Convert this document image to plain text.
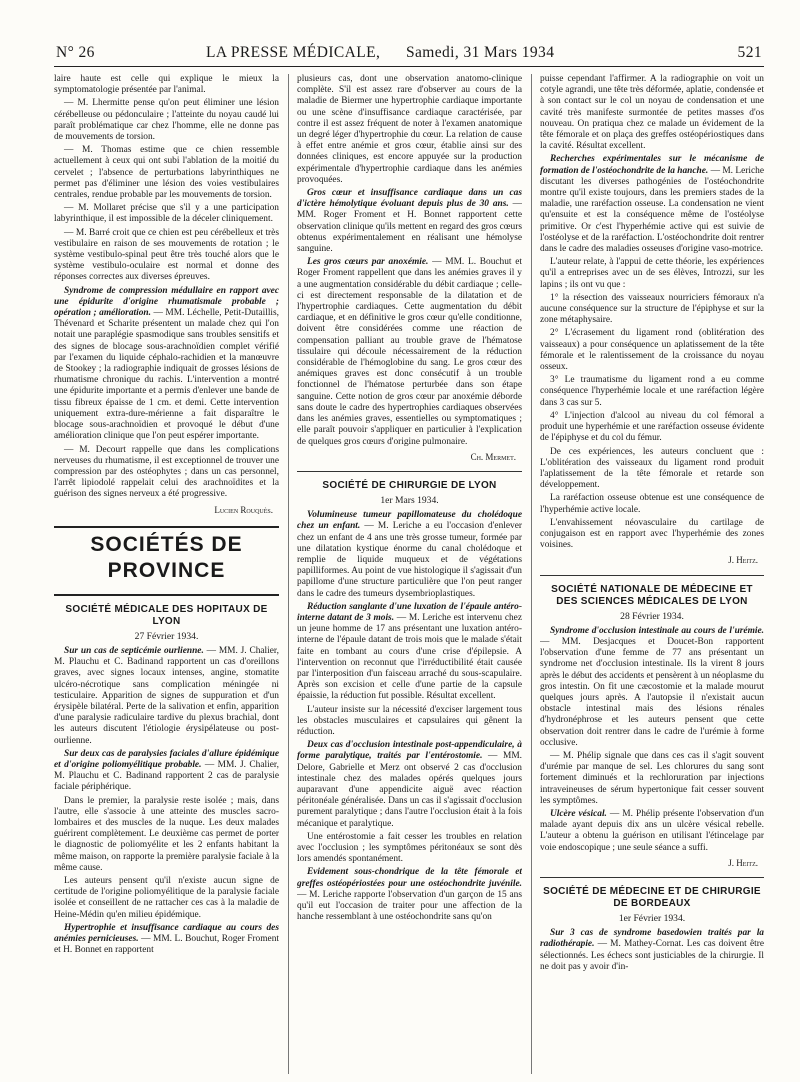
N° 26	LA PRESSE MÉDICALE, Samedi, 31 Mars 1934	521

laire haute est celle qui explique le mieux la symptomatologie présentée par l'animal.

— M. Lhermitte pense qu'on peut éliminer une lésion cérébelleuse ou pédonculaire ; l'atteinte du noyau caudé lui paraît problématique car chez l'homme, elle ne donne pas de mouvements de torsion.

— M. Thomas estime que ce chien ressemble actuellement à ceux qui ont subi l'ablation de la moitié du cervelet ; l'absence de perturbations labyrinthiques ne permet pas d'éliminer une lésion des voies vestibulaires centrales, rendue probable par les mouvements de torsion.

— M. Mollaret précise que s'il y a une participation labyrinthique, il est impossible de la déceler cliniquement.

— M. Barré croit que ce chien est peu cérébelleux et très vestibulaire en raison de ses mouvements de rotation ; le système vestibulo-spinal peut être très touché alors que le système vestibulo-oculaire est normal et donne des réponses correctes aux diverses épreuves.

Syndrome de compression médullaire en rapport avec une épidurite d'origine rhumatismale probable ; opération ; amélioration. — MM. Léchelle, Petit-Dutaillis, Thévenard et Scharite présentent un malade chez qui l'on notait une paraplégie spasmodique sans troubles sensitifs et des signes de blocage sous-arachnoïdien complet vérifié par l'examen du liquide céphalo-rachidien et la manœuvre de Stookey ; la radiographie indiquait de grosses lésions de rhumatisme chronique du rachis. L'intervention a montré une épidurite importante et a permis d'enlever une bande de tissu fibreux épaisse de 1 cm. et demi. Cette intervention uniquement extra-dure-mérienne a fait disparaître le blocage sous-arachnoïdien et provoqué le début d'une amélioration clinique que l'on peut espérer importante.

— M. Decourt rappelle que dans les complications nerveuses du rhumatisme, il est exceptionnel de trouver une compression par des ostéophytes ; dans un cas personnel, l'arrêt lipiodolé rappelait celui des arachnoïdites et la guérison des signes nerveux a été progressive.

Lucien Rouquès.
SOCIÉTÉS DE PROVINCE
SOCIÉTÉ MÉDICALE DES HOPITAUX DE LYON
27 Février 1934.

Sur un cas de septicémie ourlienne. — MM. J. Chalier, M. Plauchu et C. Badinand rapportent un cas d'oreillons graves, avec signes locaux intenses, angine, stomatite ulcéro-nécrotique sans complication méningée ni testiculaire. Apparition de signes de suppuration et d'un érysipèle bilatéral. Perte de la salivation et enfin, apparition d'une paralysie radiculaire tardive du plexus brachial, dont les auteurs discutent l'étiologie érysipélateuse ou post-ourlienne.

Sur deux cas de paralysies faciales d'allure épidémique et d'origine poliomyélitique probable. — MM. J. Chalier, M. Plauchu et C. Badinand rapportent 2 cas de paralysie faciale périphérique.

Dans le premier, la paralysie reste isolée ; mais, dans l'autre, elle s'associe à une atteinte des muscles sacro-lombaires et des muscles de la nuque. Les deux malades guérirent complètement. Le deuxième cas permet de porter le diagnostic de poliomyélite et les 2 enfants habitant la même maison, on rapporte la première paralysie faciale à la même cause.

Les auteurs pensent qu'il n'existe aucun signe de certitude de l'origine poliomyélitique de la paralysie faciale isolée et conseillent de ne rattacher ces cas à la maladie de Heine-Médin qu'en milieu épidémique.

Hypertrophie et insuffisance cardiaque au cours des anémies pernicieuses. — MM. L. Bouchut, Roger Froment et H. Bonnet en rapportent

plusieurs cas, dont une observation anatomo-clinique complète. S'il est assez rare d'observer au cours de la maladie de Biermer une hypertrophie cardiaque importante ou une scène d'insuffisance cardiaque caractérisée, par contre il est assez fréquent de noter à l'examen anatomique un degré léger d'hypertrophie du cœur. La relation de cause à effet entre anémie et gros cœur, établie ainsi sur des données cliniques, est encore appuyée sur la production expérimentale d'hypertrophie cardiaque dans les anémies provoquées.

Gros cœur et insuffisance cardiaque dans un cas d'ictère hémolytique évoluant depuis plus de 30 ans. — MM. Roger Froment et H. Bonnet rapportent cette observation clinique qu'ils mettent en regard des gros cœurs obtenus expérimentalement en réalisant une hémolyse sanguine.

Les gros cœurs par anoxémie. — MM. L. Bouchut et Roger Froment rappellent que dans les anémies graves il y a une augmentation considérable du débit cardiaque ; celle-ci est directement responsable de la dilatation et de l'hypertrophie cardiaques. Cette augmentation du débit cardiaque, et en définitive le gros cœur qu'elle conditionne, doivent être considérées comme une réaction de compensation palliant au trouble grave de l'hématose tissulaire qui découle nécessairement de la réduction considérable de l'hémoglobine du sang. Le gros cœur des anémiques graves est donc consécutif à un trouble fonctionnel de l'hématose perturbée dans son étape sanguine. Cette notion de gros cœur par anoxémie déborde sans doute le cadre des hypertrophies cardiaques observées dans les anémies graves, essentielles ou symptomatiques ; elle paraît pouvoir s'appliquer en particulier à l'explication de quelques gros cœurs d'origine pulmonaire.

Ch. Mermet.
SOCIÉTÉ DE CHIRURGIE DE LYON
1er Mars 1934.

Volumineuse tumeur papillomateuse du cholédoque chez un enfant. — M. Leriche a eu l'occasion d'enlever chez un enfant de 4 ans une très grosse tumeur, formée par une dilatation kystique énorme du canal cholédoque et remplie de liquide muqueux et de végétations papilliformes. Au point de vue histologique il s'agissait d'un papillome d'une structure particulière que l'on peut ranger dans le cadre des tumeurs dysembrioplastiques.

Réduction sanglante d'une luxation de l'épaule antéro-interne datant de 3 mois. — M. Leriche est intervenu chez un jeune homme de 17 ans présentant une luxation antéro-interne de l'épaule datant de trois mois que le malade s'était faite en tombant au cours d'une crise d'épilepsie. A l'intervention on reconnut que l'irréductibilité était causée par l'interposition d'un faisceau arraché du sous-scapulaire. Après son excision et celle d'une partie de la capsule épaissie, la réduction fut possible. Résultat excellent.

L'auteur insiste sur la nécessité d'exciser largement tous les obstacles musculaires et capsulaires qui gênent la réduction.

Deux cas d'occlusion intestinale post-appendiculaire, à forme paralytique, traités par l'entérostomie. — MM. Delore, Gabrielle et Merz ont observé 2 cas d'occlusion intestinale chez des malades opérés quelques jours auparavant d'une appendicite aiguë avec réaction péritonéale généralisée. Dans un cas il s'agissait d'occlusion purement paralytique ; dans l'autre l'occlusion était à la fois mécanique et paralytique.

Une entérostomie a fait cesser les troubles en relation avec l'occlusion ; les symptômes péritonéaux se sont dès lors amendés spontanément.

Evidement sous-chondrique de la tête fémorale et greffes ostéopériostées pour une ostéochondrite juvénile. — M. Leriche rapporte l'observation d'un garçon de 15 ans qu'il eut l'occasion de traiter pour une affection de la hanche ressemblant à une ostéochondrite sans qu'on

puisse cependant l'affirmer. A la radiographie on voit un cotyle agrandi, une tête très déformée, aplatie, condensée et à son contact sur le col un noyau de condensation et une cavité très manifeste surmontée de petites masses d'os nouveau. On pratiqua chez ce malade un évidement de la tête fémorale et on plaça des greffes ostéopériostiques dans la cavité. Résultat excellent.

Recherches expérimentales sur le mécanisme de formation de l'ostéochondrite de la hanche. — M. Leriche discutant les diverses pathogénies de l'ostéochondrite montre qu'il existe toujours, dans les premiers stades de la maladie, une raréfaction osseuse. La condensation ne vient qu'ensuite et est la conséquence même de l'ostéolyse primitive. Or c'est l'hyperhémie active qui est suivie de l'ostéolyse et de la raréfaction. L'ostéochondrite doit rentrer dans le cadre des maladies osseuses d'origine vaso-motrice.

L'auteur relate, à l'appui de cette théorie, les expériences qu'il a entreprises avec un de ses élèves, Introzzi, sur les lapins ; ils ont vu que :

1° la résection des vaisseaux nourriciers fémoraux n'a aucune conséquence sur la structure de l'épiphyse et sur la zone métaphysaire.

2° L'écrasement du ligament rond (oblitération des vaisseaux) a pour conséquence un aplatissement de la tête fémorale et le ralentissement de la croissance du noyau osseux.

3° Le traumatisme du ligament rond a eu comme conséquence l'hyperhémie locale et une raréfaction légère dans 3 cas sur 5.

4° L'injection d'alcool au niveau du col fémoral a produit une hyperhémie et une raréfaction osseuse évidente de l'épiphyse et du col du fémur.

De ces expériences, les auteurs concluent que : L'oblitération des vaisseaux du ligament rond produit l'aplatissement de la tête fémorale et retarde son développement.

La raréfaction osseuse obtenue est une conséquence de l'hyperhémie active locale.

L'envahissement néovasculaire du cartilage de conjugaison est en rapport avec l'hyperhémie des zones voisines.

J. Heitz.
SOCIÉTÉ NATIONALE DE MÉDECINE ET DES SCIENCES MÉDICALES DE LYON
28 Février 1934.

Syndrome d'occlusion intestinale au cours de l'urémie. — MM. Desjacques et Doucet-Bon rapportent l'observation d'une femme de 77 ans présentant un syndrome net d'occlusion intestinale. Ils la virent 8 jours après le début des accidents et pensèrent à un néoplasme du gros intestin. On fit une cæcostomie et la malade mourut quelques jours après. A l'autopsie il n'existait aucun obstacle intestinal mais des lésions rénales d'hydronéphrose et les auteurs pensent que cette observation doit rentrer dans le cadre de l'urémie à forme occlusive.

— M. Phélip signale que dans ces cas il s'agit souvent d'urémie par manque de sel. Les chlorures du sang sont fortement diminués et la rechloruration par injections intraveineuses de sérum hypertonique fait cesser souvent les symptômes.

Ulcère vésical. — M. Phélip présente l'observation d'un malade ayant depuis dix ans un ulcère vésical rebelle. L'auteur a obtenu la guérison en utilisant l'étincelage par voie endoscopique ; une seule séance a suffi.

J. Heitz.
SOCIÉTÉ DE MÉDECINE ET DE CHIRURGIE DE BORDEAUX
1er Février 1934.

Sur 3 cas de syndrome basedowien traités par la radiothérapie. — M. Mathey-Cornat. Les cas doivent être sélectionnés. Les échecs sont justiciables de la chirurgie. Il ne doit pas y avoir d'in-
